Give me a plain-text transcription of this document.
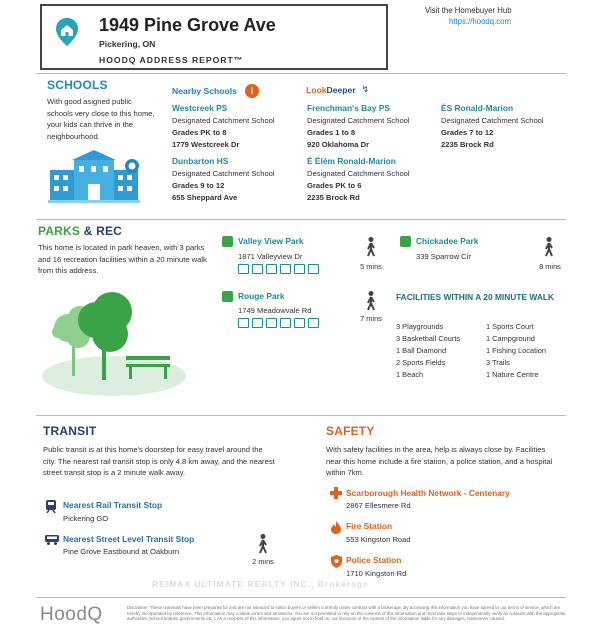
1949 Pine Grove Ave
Pickering, ON
HOODQ ADDRESS REPORT™
Visit the Homebuyer Hub
https://hoodq.com
SCHOOLS
With good asigned public schools very close to this home, your kids can thrive in the neighbourhood.
Nearby Schools	i	Look Deeper ↯
Westcreek PS
Designated Catchment School
Grades PK to 8
1779 Westcreek Dr
Frenchman's Bay PS
Designated Catchment School
Grades 1 to 8
920 Oklahoma Dr
ÉS Ronald-Marion
Designated Catchment School
Grades 7 to 12
2235 Brock Rd
Dunbarton HS
Designated Catchment School
Grades 9 to 12
655 Sheppard Ave
É Élém Ronald-Marion
Designated Catchment School
Grades PK to 6
2235 Brock Rd
PARKS & REC
This home is located in park heaven, with 3 parks and 16 recreation facilities within a 20 minute walk from this address.
Valley View Park
1871 Valleyview Dr
5 mins
Chickadee Park
339 Sparrow Cir
8 mins
Rouge Park
1749 Meadowvale Rd
7 mins
FACILITIES WITHIN A 20 MINUTE WALK
3 Playgrounds
3 Basketball Courts
1 Ball Diamond
2 Sports Fields
1 Beach
1 Sports Court
1 Campground
1 Fishing Location
3 Trails
1 Nature Centre
TRANSIT
Public transit is at this home's doorstep for easy travel around the city. The nearest rail transit stop is only 4.8 km away, and the nearest street transit stop is a 2 minute walk away.
Nearest Rail Transit Stop
Pickering GO
Nearest Street Level Transit Stop
Pine Grove Eastbound at Oakburn
2 mins
SAFETY
With safety facilities in the area, help is always close by. Facilities near this home include a fire station, a police station, and a hospital within 7km.
Scarborough Health Network - Centenary
2867 Ellesmere Rd
Fire Station
553 Kingston Road
Police Station
1710 Kingston Rd
RE/MAX ULTIMATE REALTY INC., Brokerage
HoodQ	Disclaimer: These materials have been prepared for and are not intended to solicit buyers or sellers currently under contract with a brokerage. By accessing this information you have agreed to our terms of service, which are hereby incorporated by reference. This information may contain errors and omissions. You are not permitted to rely on the contents of this information and must take steps to independently verify its contents with the appropriate authorities (school boards, governments etc.). As a recipient of this information, you agree not to hold us, our licensors or the owners of the information liable for any damages, howsoever caused.
